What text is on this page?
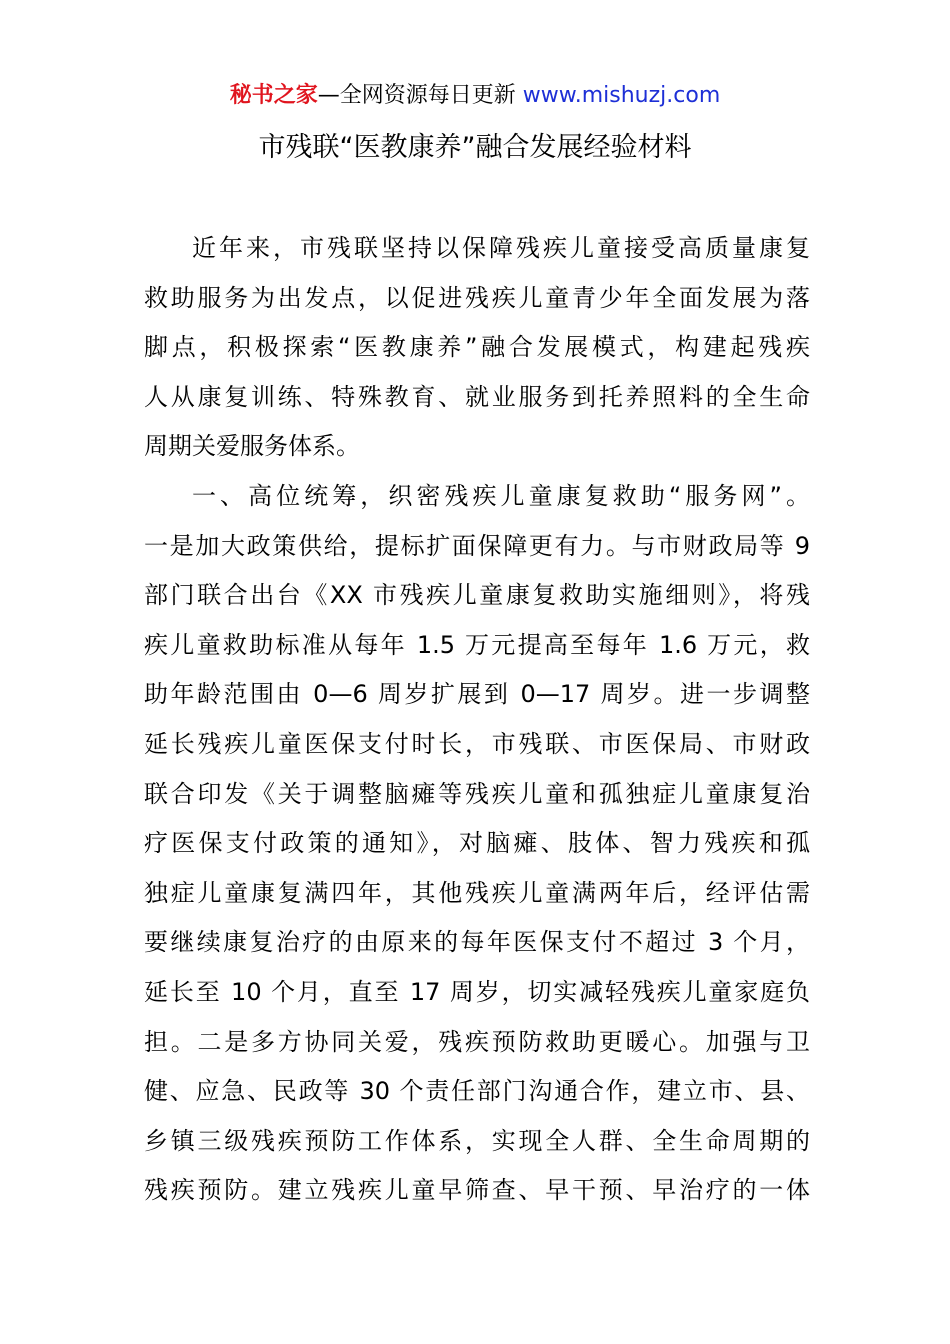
秘书之家—全网资源每日更新 www.mishuzj.com
市残联“医教康养”融合发展经验材料
近年来，市残联坚持以保障残疾儿童接受高质量康复
救助服务为出发点，以促进残疾儿童青少年全面发展为落
脚点，积极探索“医教康养”融合发展模式，构建起残疾
人从康复训练、特殊教育、就业服务到托养照料的全生命
周期关爱服务体系。
一、高位统筹，织密残疾儿童康复救助“服务网”。
一是加大政策供给，提标扩面保障更有力。与市财政局等 9
部门联合出台《XX 市残疾儿童康复救助实施细则》，将残
疾儿童救助标准从每年 1.5 万元提高至每年 1.6 万元，救
助年龄范围由 0—6 周岁扩展到 0—17 周岁。进一步调整
延长残疾儿童医保支付时长，市残联、市医保局、市财政
联合印发《关于调整脑瘫等残疾儿童和孤独症儿童康复治
疗医保支付政策的通知》，对脑瘫、肢体、智力残疾和孤
独症儿童康复满四年，其他残疾儿童满两年后，经评估需
要继续康复治疗的由原来的每年医保支付不超过 3 个月，
延长至 10 个月，直至 17 周岁，切实减轻残疾儿童家庭负
担。二是多方协同关爱，残疾预防救助更暖心。加强与卫
健、应急、民政等 30 个责任部门沟通合作，建立市、县、
乡镇三级残疾预防工作体系，实现全人群、全生命周期的
残疾预防。建立残疾儿童早筛查、早干预、早治疗的一体
